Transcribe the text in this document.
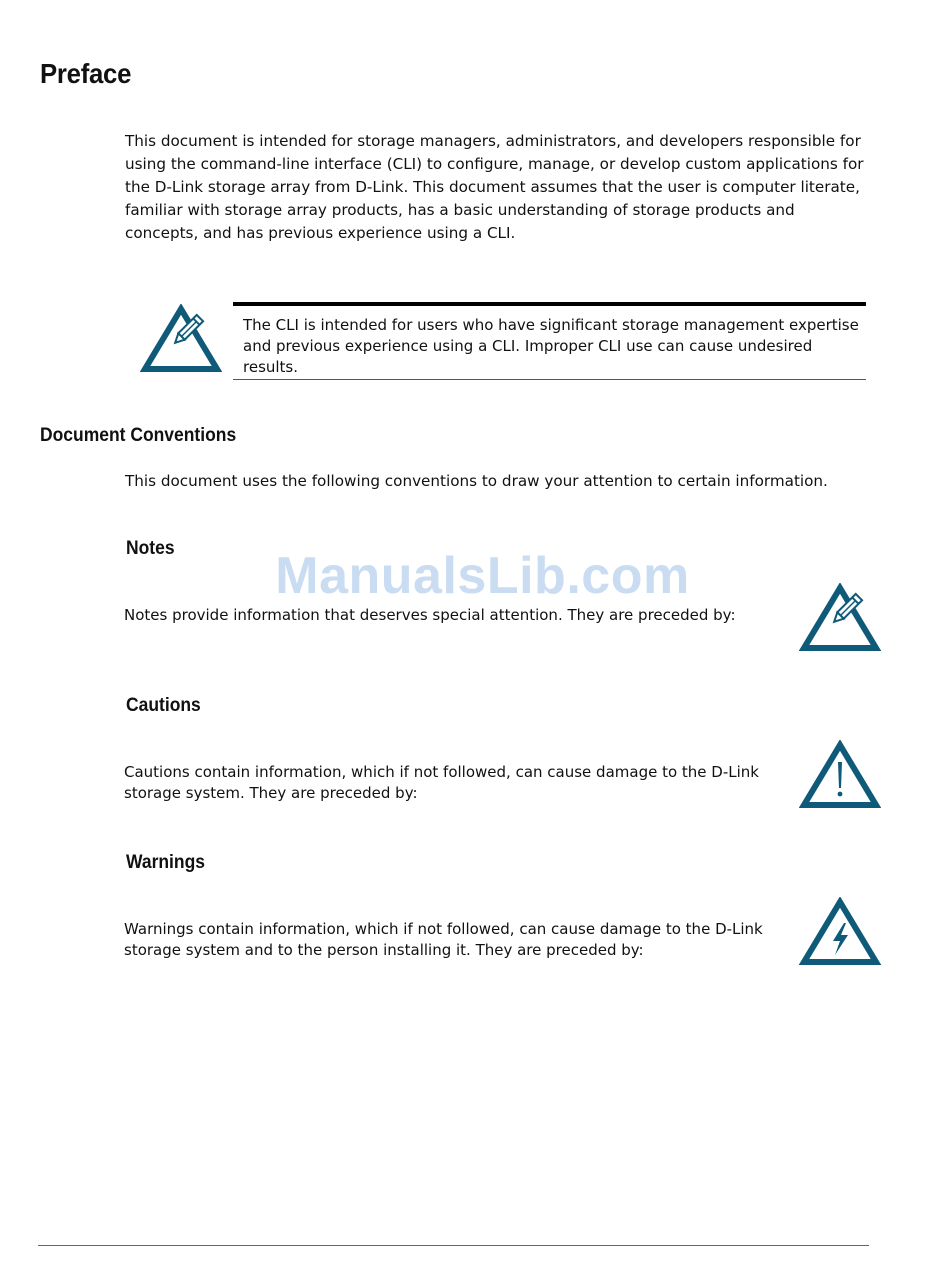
Preface
This document is intended for storage managers, administrators, and developers responsible for using the command-line interface (CLI) to configure, manage, or develop custom applications for the D-Link storage array from D-Link. This document assumes that the user is computer literate, familiar with storage array products, has a basic understanding of storage products and concepts, and has previous experience using a CLI.
The CLI is intended for users who have significant storage management expertise and previous experience using a CLI. Improper CLI use can cause undesired results.
Document Conventions
This document uses the following conventions to draw your attention to certain information.
Notes	ManualsLib.com
Notes provide information that deserves special attention. They are preceded by:
Cautions
Cautions contain information, which if not followed, can cause damage to the D-Link storage system. They are preceded by:
Warnings
Warnings contain information, which if not followed, can cause damage to the D-Link storage system and to the person installing it. They are preceded by:
